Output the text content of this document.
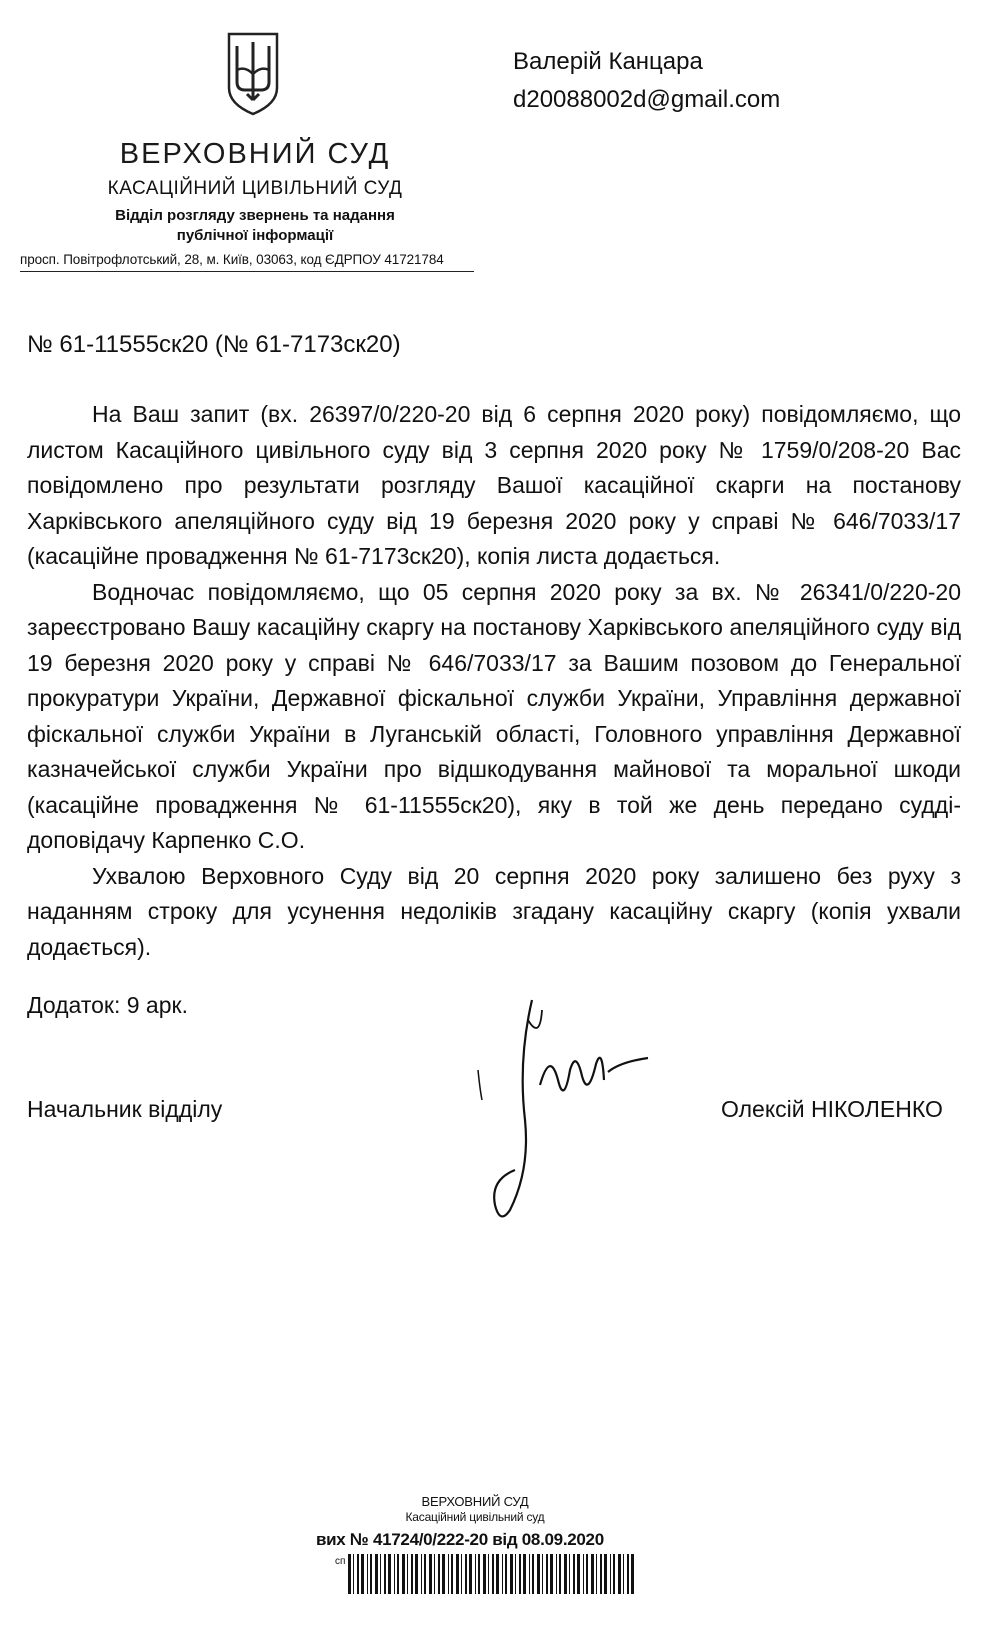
ВЕРХОВНИЙ СУД
КАСАЦІЙНИЙ ЦИВІЛЬНИЙ СУД
Відділ розгляду звернень та надання
публічної інформації
просп. Повітрофлотський, 28, м. Київ, 03063, код ЄДРПОУ 41721784
Валерій Канцара
d20088002d@gmail.com
№ 61-11555ск20 (№ 61-7173ск20)

На Ваш запит (вх. 26397/0/220-20 від 6 серпня 2020 року) повідомляємо, що листом Касаційного цивільного суду від 3 серпня 2020 року № 1759/0/208-20 Вас повідомлено про результати розгляду Вашої касаційної скарги на постанову Харківського апеляційного суду від 19 березня 2020 року у справі № 646/7033/17 (касаційне провадження № 61-7173ск20), копія листа додається.

Водночас повідомляємо, що 05 серпня 2020 року за вх. № 26341/0/220-20 зареєстровано Вашу касаційну скаргу на постанову Харківського апеляційного суду від 19 березня 2020 року у справі № 646/7033/17 за Вашим позовом до Генеральної прокуратури України, Державної фіскальної служби України, Управління державної фіскальної служби України в Луганській області, Головного управління Державної казначейської служби України про відшкодування майнової та моральної шкоди (касаційне провадження № 61-11555ск20), яку в той же день передано судді-доповідачу Карпенко С.О.

Ухвалою Верховного Суду від 20 серпня 2020 року залишено без руху з наданням строку для усунення недоліків згадану касаційну скаргу (копія ухвали додається).

Додаток: 9 арк.
Начальник відділу	Олексій НІКОЛЕНКО
ВЕРХОВНИЙ СУД
Касаційний цивільний суд
вих № 41724/0/222-20 від 08.09.2020
сп
